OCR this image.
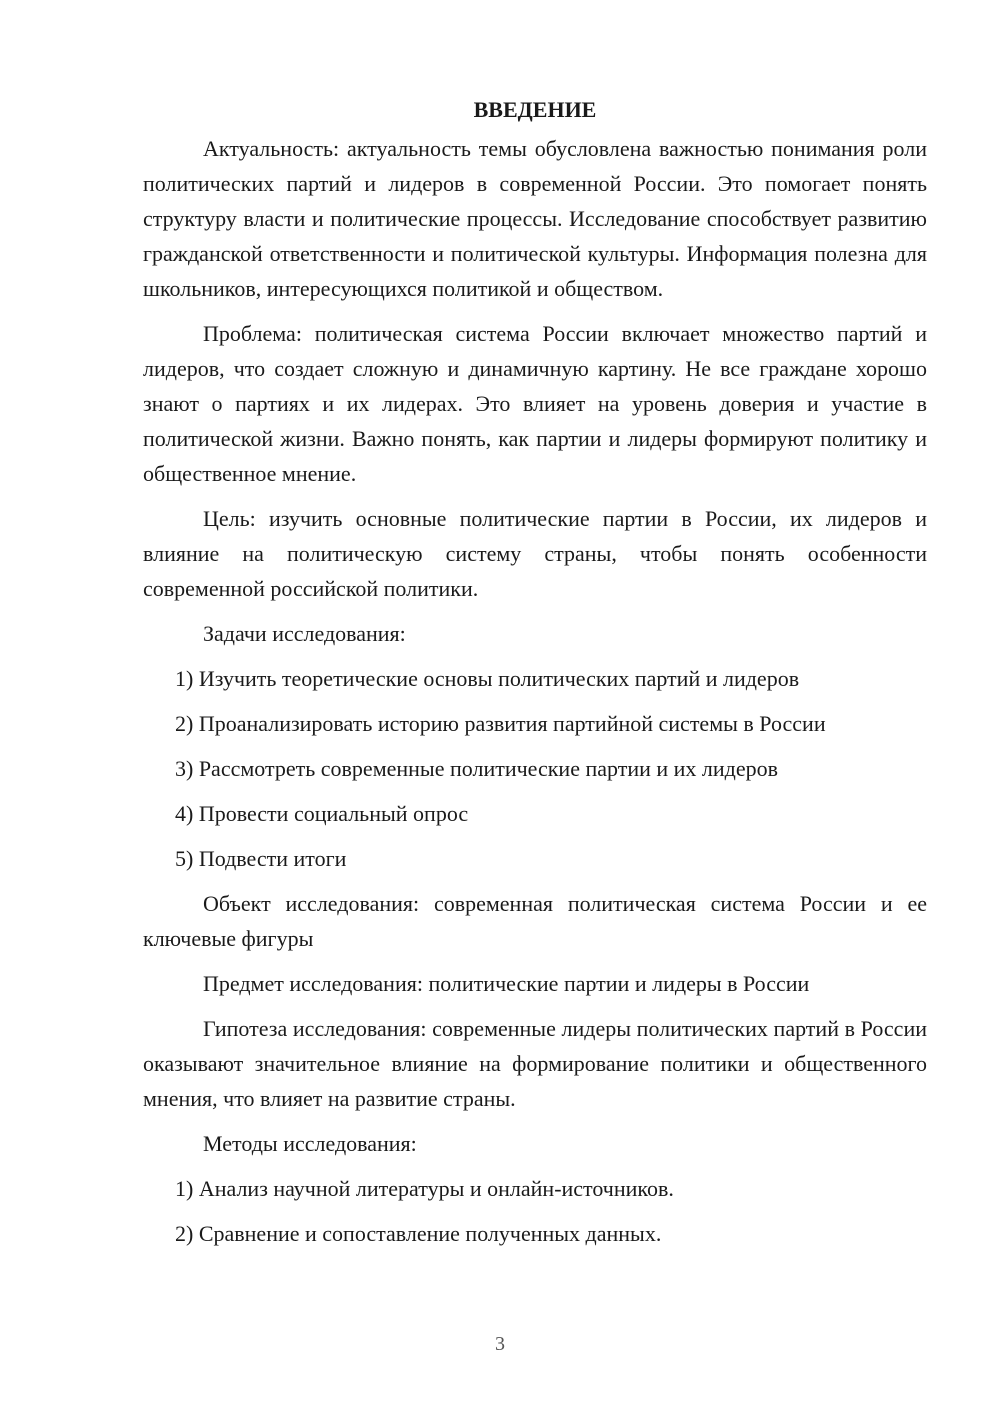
ВВЕДЕНИЕ

Актуальность: актуальность темы обусловлена важностью понимания роли политических партий и лидеров в современной России. Это помогает понять структуру власти и политические процессы. Исследование способствует развитию гражданской ответственности и политической культуры. Информация полезна для школьников, интересующихся политикой и обществом.

Проблема: политическая система России включает множество партий и лидеров, что создает сложную и динамичную картину. Не все граждане хорошо знают о партиях и их лидерах. Это влияет на уровень доверия и участие в политической жизни. Важно понять, как партии и лидеры формируют политику и общественное мнение.

Цель: изучить основные политические партии в России, их лидеров и влияние на политическую систему страны, чтобы понять особенности современной российской политики.

Задачи исследования:
1) Изучить теоретические основы политических партий и лидеров
2) Проанализировать историю развития партийной системы в России
3) Рассмотреть современные политические партии и их лидеров
4) Провести социальный опрос
5) Подвести итоги

Объект исследования: современная политическая система России и ее ключевые фигуры

Предмет исследования: политические партии и лидеры в России

Гипотеза исследования: современные лидеры политических партий в России оказывают значительное влияние на формирование политики и общественного мнения, что влияет на развитие страны.

Методы исследования:
1) Анализ научной литературы и онлайн-источников.
2) Сравнение и сопоставление полученных данных.
3
